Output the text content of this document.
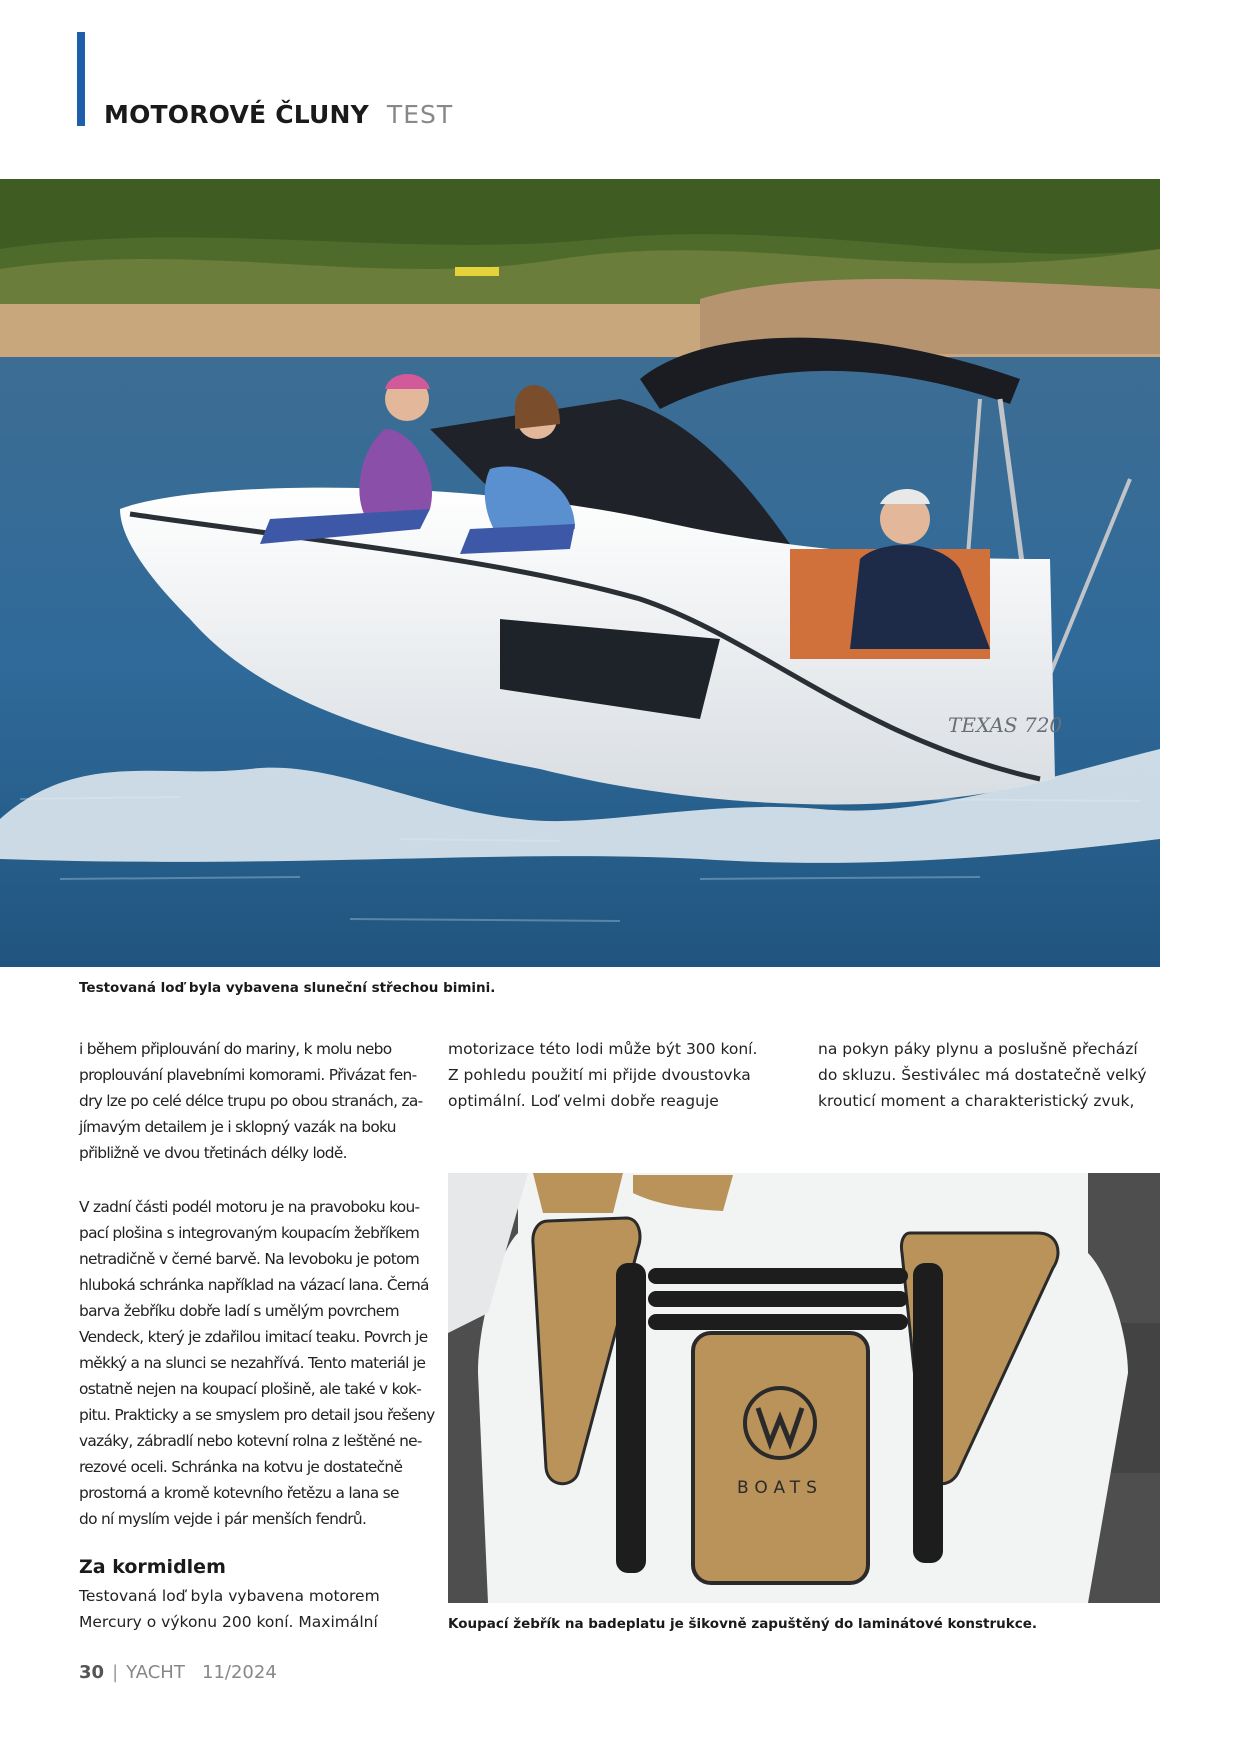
MOTOROVÉ ČLUNY TEST
TEXAS 720
Testovaná loď byla vybavena sluneční střechou bimini.

i během připlouvání do mariny, k molu nebo

proplouvání plavebními komorami. Přivázat fen-

dry lze po celé délce trupu po obou stranách, za-

jímavým detailem je i sklopný vazák na boku

přibližně ve dvou třetinách délky lodě.

V zadní části podél motoru je na pravoboku kou-

pací plošina s integrovaným koupacím žebříkem

netradičně v černé barvě. Na levoboku je potom

hluboká schránka například na vázací lana. Černá

barva žebříku dobře ladí s umělým povrchem

Vendeck, který je zdařilou imitací teaku. Povrch je

měkký a na slunci se nezahřívá. Tento materiál je

ostatně nejen na koupací plošině, ale také v kok-

pitu. Prakticky a se smyslem pro detail jsou řešeny

vazáky, zábradlí nebo kotevní rolna z leštěné ne-

rezové oceli. Schránka na kotvu je dostatečně

prostorná a kromě kotevního řetězu a lana se

do ní myslím vejde i pár menších fendrů.

Za kormidlem

Testovaná loď byla vybavena motorem

Mercury o výkonu 200 koní. Maximální

motorizace této lodi může být 300 koní.

Z pohledu použití mi přijde dvoustovka

optimální. Loď velmi dobře reaguje

na pokyn páky plynu a poslušně přechází

do skluzu. Šestiválec má dostatečně velký

krouticí moment a charakteristický zvuk,

BOATS
Koupací žebřík na badeplatu je šikovně zapuštěný do laminátové konstrukce.
30 | YACHT 11/2024
